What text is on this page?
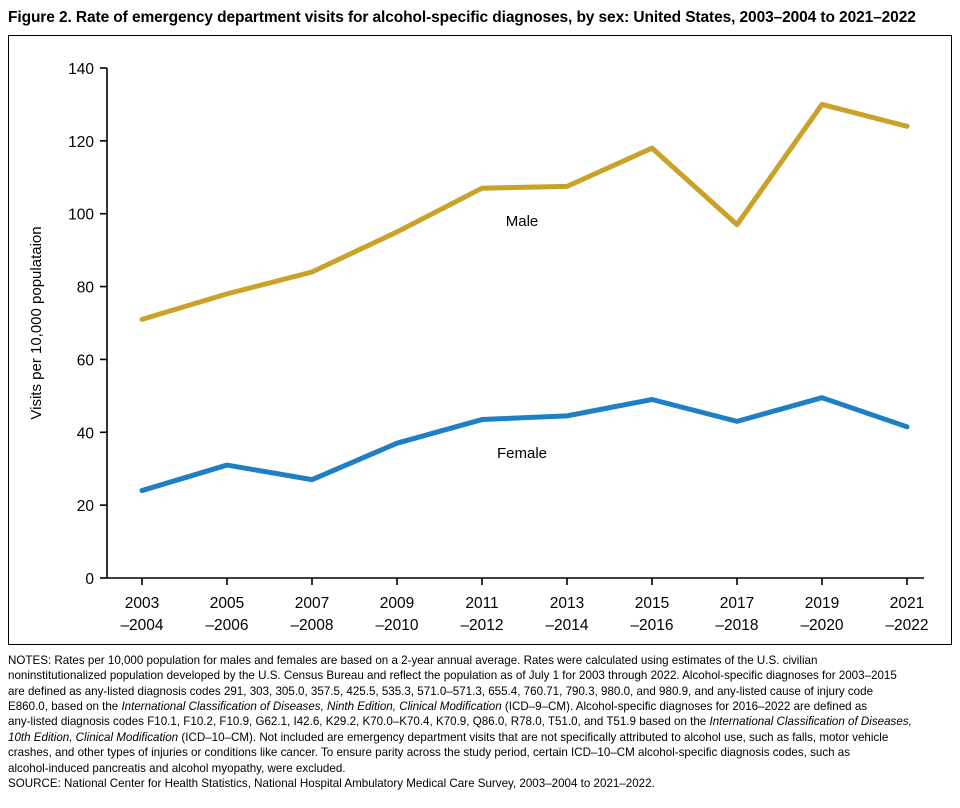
Figure 2. Rate of emergency department visits for alcohol-specific diagnoses, by sex: United States, 2003–2004 to 2021–2022
0
20
40
60
80
100
120
140
Visits per 10,000 populataion
2003
–2004
2005
–2006
2007
–2008
2009
–2010
2011
–2012
2013
–2014
2015
–2016
2017
–2018
2019
–2020
2021
–2022
Male
Female

NOTES: Rates per 10,000 population for males and females are based on a 2-year annual average. Rates were calculated using estimates of the U.S. civilian

noninstitutionalized population developed by the U.S. Census Bureau and reflect the population as of July 1 for 2003 through 2022. Alcohol-specific diagnoses for 2003–2015

are defined as any-listed diagnosis codes 291, 303, 305.0, 357.5, 425.5, 535.3, 571.0–571.3, 655.4, 760.71, 790.3, 980.0, and 980.9, and any-listed cause of injury code

E860.0, based on the International Classification of Diseases, Ninth Edition, Clinical Modification (ICD–9–CM). Alcohol-specific diagnoses for 2016–2022 are defined as

any-listed diagnosis codes F10.1, F10.2, F10.9, G62.1, I42.6, K29.2, K70.0–K70.4, K70.9, Q86.0, R78.0, T51.0, and T51.9 based on the International Classification of Diseases,

10th Edition, Clinical Modification (ICD–10–CM). Not included are emergency department visits that are not specifically attributed to alcohol use, such as falls, motor vehicle

crashes, and other types of injuries or conditions like cancer. To ensure parity across the study period, certain ICD–10–CM alcohol-specific diagnosis codes, such as

alcohol-induced pancreatis and alcohol myopathy, were excluded.

SOURCE: National Center for Health Statistics, National Hospital Ambulatory Medical Care Survey, 2003–2004 to 2021–2022.
